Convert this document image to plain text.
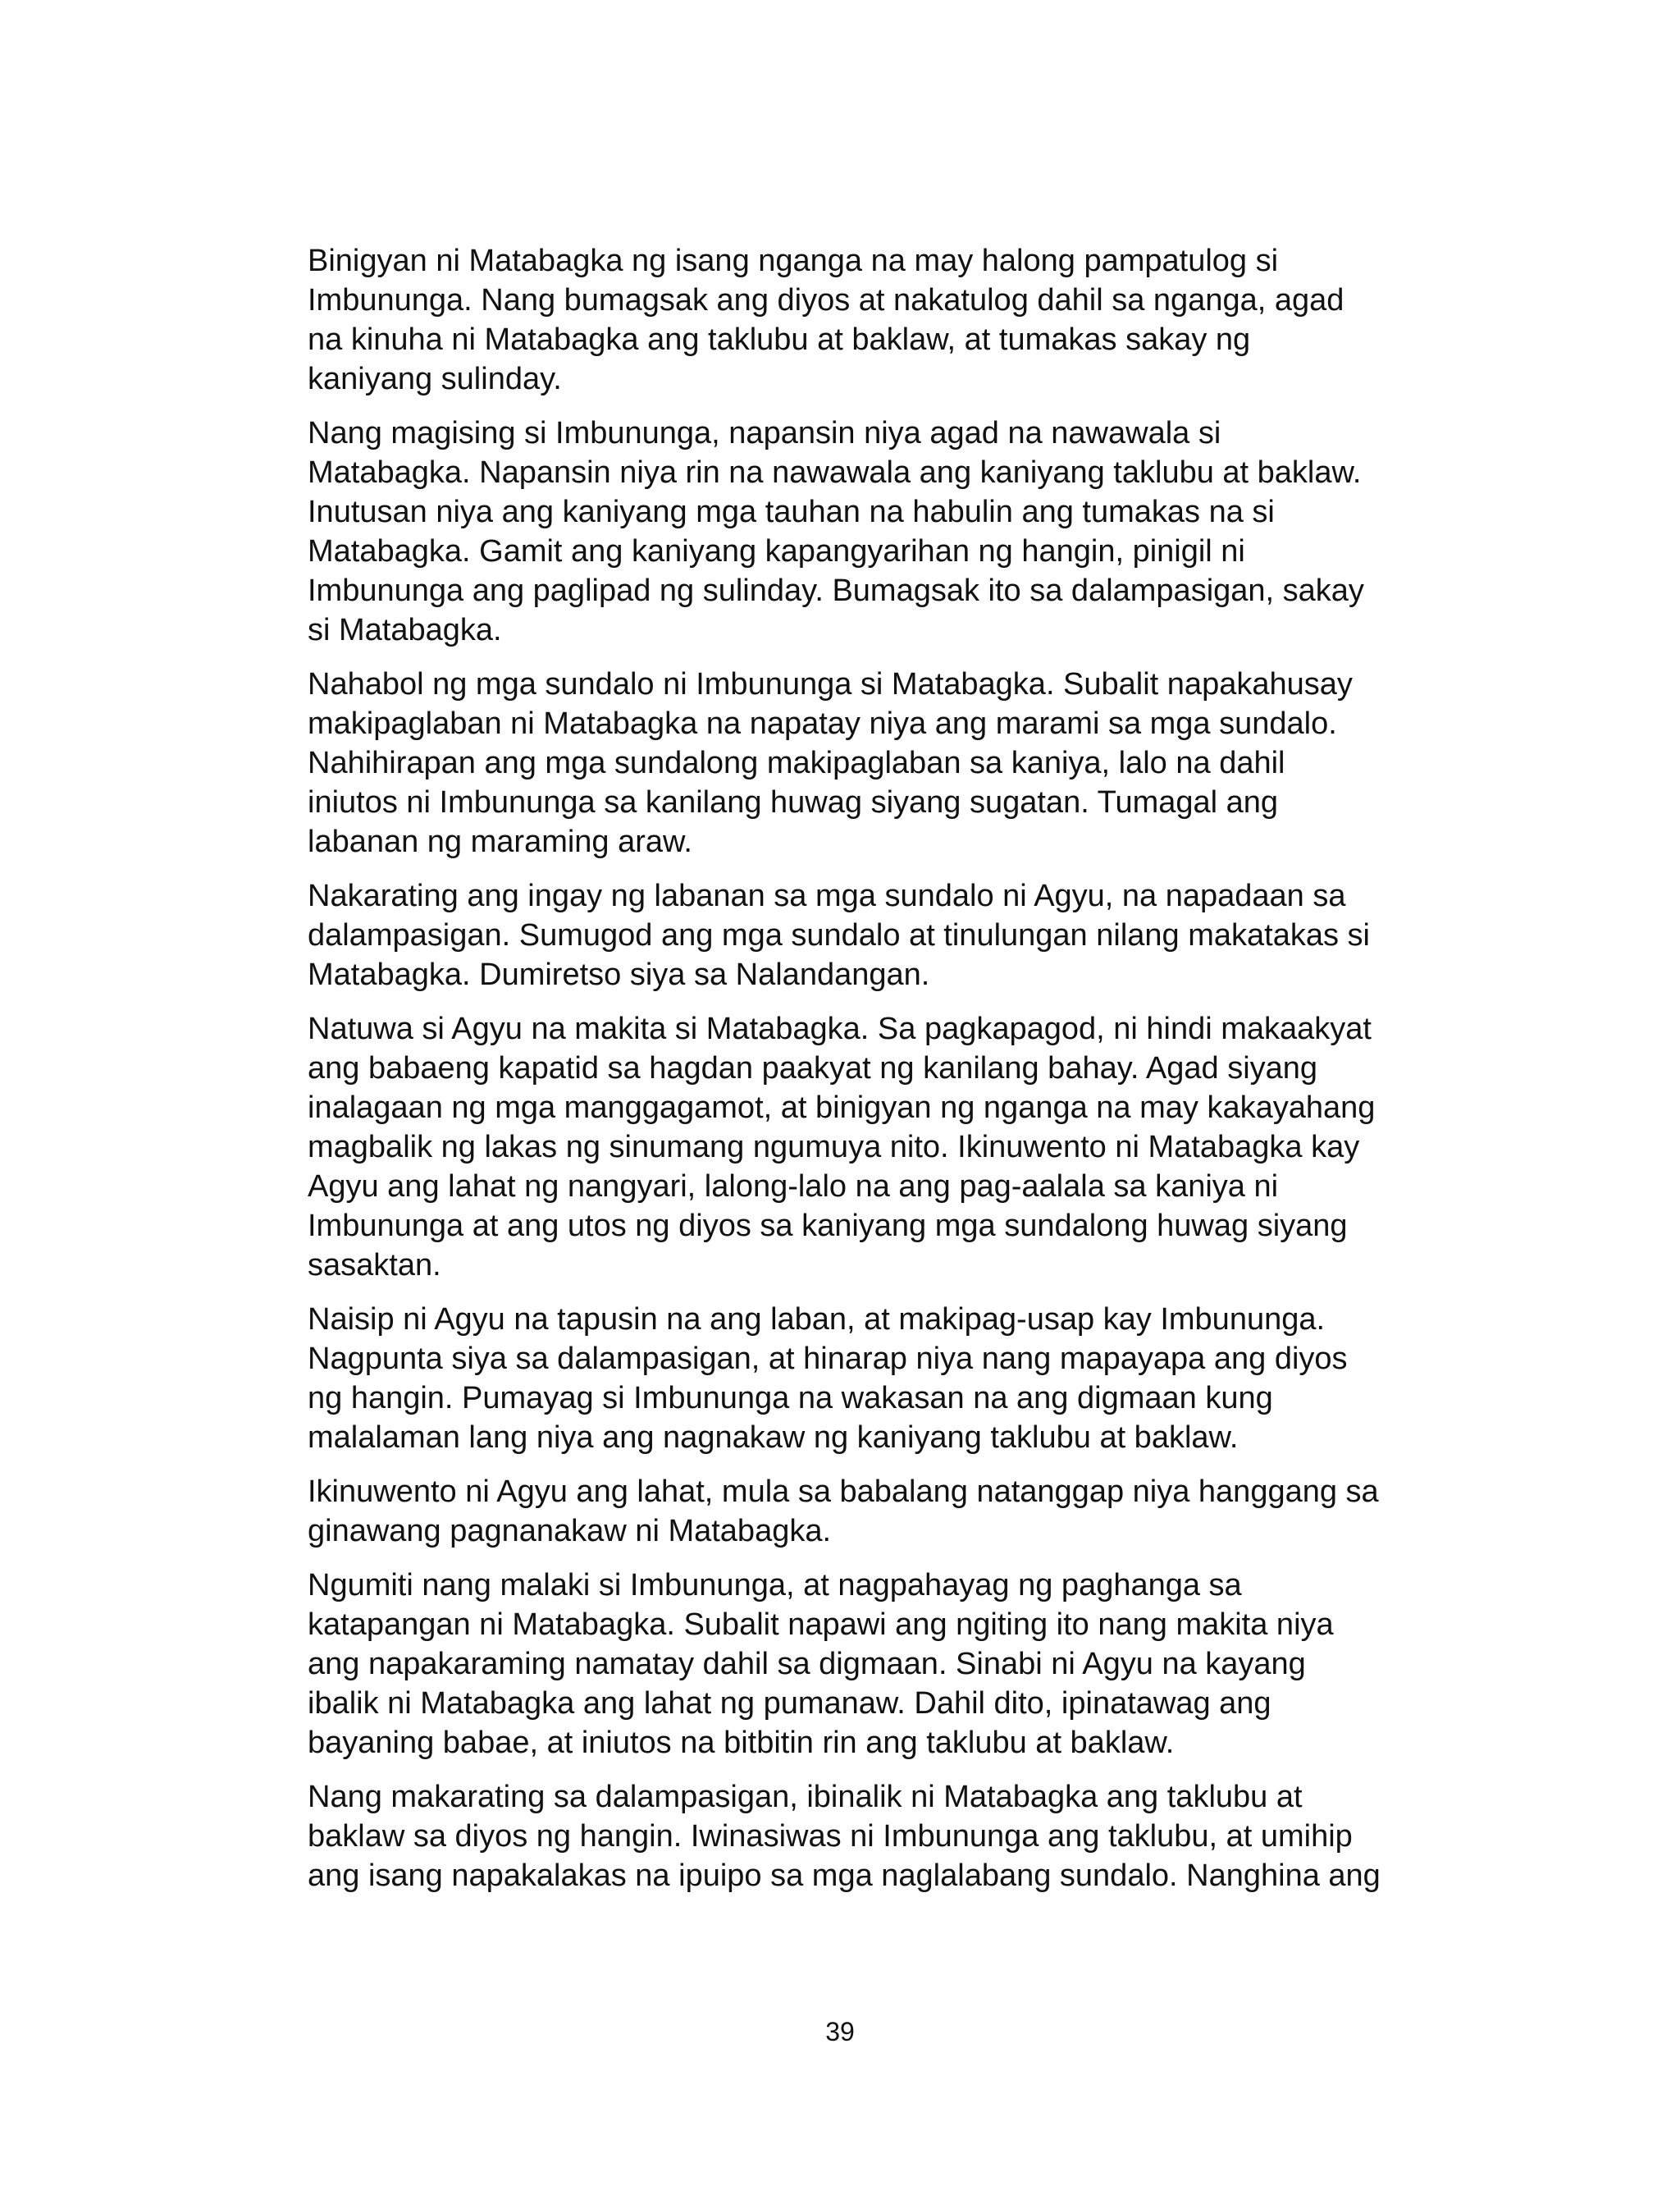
Binigyan ni Matabagka ng isang nganga na may halong pampatulog si
Imbununga. Nang bumagsak ang diyos at nakatulog dahil sa nganga, agad
na kinuha ni Matabagka ang taklubu at baklaw, at tumakas sakay ng
kaniyang sulinday.

Nang magising si Imbununga, napansin niya agad na nawawala si
Matabagka. Napansin niya rin na nawawala ang kaniyang taklubu at baklaw.
Inutusan niya ang kaniyang mga tauhan na habulin ang tumakas na si
Matabagka. Gamit ang kaniyang kapangyarihan ng hangin, pinigil ni
Imbununga ang paglipad ng sulinday. Bumagsak ito sa dalampasigan, sakay
si Matabagka.

Nahabol ng mga sundalo ni Imbununga si Matabagka. Subalit napakahusay
makipaglaban ni Matabagka na napatay niya ang marami sa mga sundalo.
Nahihirapan ang mga sundalong makipaglaban sa kaniya, lalo na dahil
iniutos ni Imbununga sa kanilang huwag siyang sugatan. Tumagal ang
labanan ng maraming araw.

Nakarating ang ingay ng labanan sa mga sundalo ni Agyu, na napadaan sa
dalampasigan. Sumugod ang mga sundalo at tinulungan nilang makatakas si
Matabagka. Dumiretso siya sa Nalandangan.

Natuwa si Agyu na makita si Matabagka. Sa pagkapagod, ni hindi makaakyat
ang babaeng kapatid sa hagdan paakyat ng kanilang bahay. Agad siyang
inalagaan ng mga manggagamot, at binigyan ng nganga na may kakayahang
magbalik ng lakas ng sinumang ngumuya nito. Ikinuwento ni Matabagka kay
Agyu ang lahat ng nangyari, lalong-lalo na ang pag-aalala sa kaniya ni
Imbununga at ang utos ng diyos sa kaniyang mga sundalong huwag siyang
sasaktan.

Naisip ni Agyu na tapusin na ang laban, at makipag-usap kay Imbununga.
Nagpunta siya sa dalampasigan, at hinarap niya nang mapayapa ang diyos
ng hangin. Pumayag si Imbununga na wakasan na ang digmaan kung
malalaman lang niya ang nagnakaw ng kaniyang taklubu at baklaw.

Ikinuwento ni Agyu ang lahat, mula sa babalang natanggap niya hanggang sa
ginawang pagnanakaw ni Matabagka.

Ngumiti nang malaki si Imbununga, at nagpahayag ng paghanga sa
katapangan ni Matabagka. Subalit napawi ang ngiting ito nang makita niya
ang napakaraming namatay dahil sa digmaan. Sinabi ni Agyu na kayang
ibalik ni Matabagka ang lahat ng pumanaw. Dahil dito, ipinatawag ang
bayaning babae, at iniutos na bitbitin rin ang taklubu at baklaw.

Nang makarating sa dalampasigan, ibinalik ni Matabagka ang taklubu at
baklaw sa diyos ng hangin. Iwinasiwas ni Imbununga ang taklubu, at umihip
ang isang napakalakas na ipuipo sa mga naglalabang sundalo. Nanghina ang

39
